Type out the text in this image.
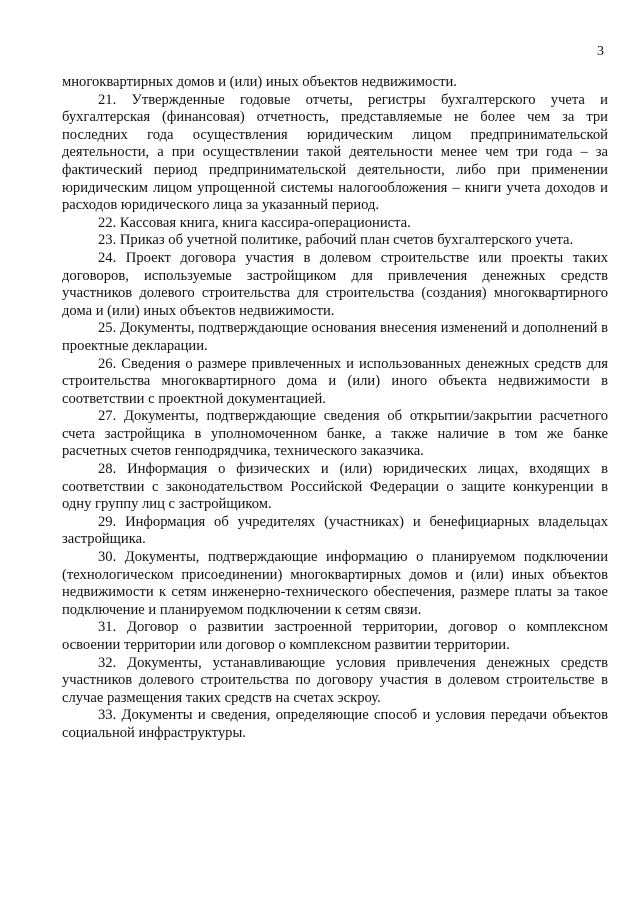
3

многоквартирных домов и (или) иных объектов недвижимости.

21. Утвержденные годовые отчеты, регистры бухгалтерского учета и бухгалтерская (финансовая) отчетность, представляемые не более чем за три последних года осуществления юридическим лицом предпринимательской деятельности, а при осуществлении такой деятельности менее чем три года – за фактический период предпринимательской деятельности, либо при применении юридическим лицом упрощенной системы налогообложения – книги учета доходов и расходов юридического лица за указанный период.

22. Кассовая книга, книга кассира-операциониста.

23. Приказ об учетной политике, рабочий план счетов бухгалтерского учета.

24. Проект договора участия в долевом строительстве или проекты таких договоров, используемые застройщиком для привлечения денежных средств участников долевого строительства для строительства (создания) многоквартирного дома и (или) иных объектов недвижимости.

25. Документы, подтверждающие основания внесения изменений и дополнений в проектные декларации.

26. Сведения о размере привлеченных и использованных денежных средств для строительства многоквартирного дома и (или) иного объекта недвижимости в соответствии с проектной документацией.

27. Документы, подтверждающие сведения об открытии/закрытии расчетного счета застройщика в уполномоченном банке, а также наличие в том же банке расчетных счетов генподрядчика, технического заказчика.

28. Информация о физических и (или) юридических лицах, входящих в соответствии с законодательством Российской Федерации о защите конкуренции в одну группу лиц с застройщиком.

29. Информация об учредителях (участниках) и бенефициарных владельцах застройщика.

30. Документы, подтверждающие информацию о планируемом подключении (технологическом присоединении) многоквартирных домов и (или) иных объектов недвижимости к сетям инженерно-технического обеспечения, размере платы за такое подключение и планируемом подключении к сетям связи.

31. Договор о развитии застроенной территории, договор о комплексном освоении территории или договор о комплексном развитии территории.

32. Документы, устанавливающие условия привлечения денежных средств участников долевого строительства по договору участия в долевом строительстве в случае размещения таких средств на счетах эскроу.

33. Документы и сведения, определяющие способ и условия передачи объектов социальной инфраструктуры.
